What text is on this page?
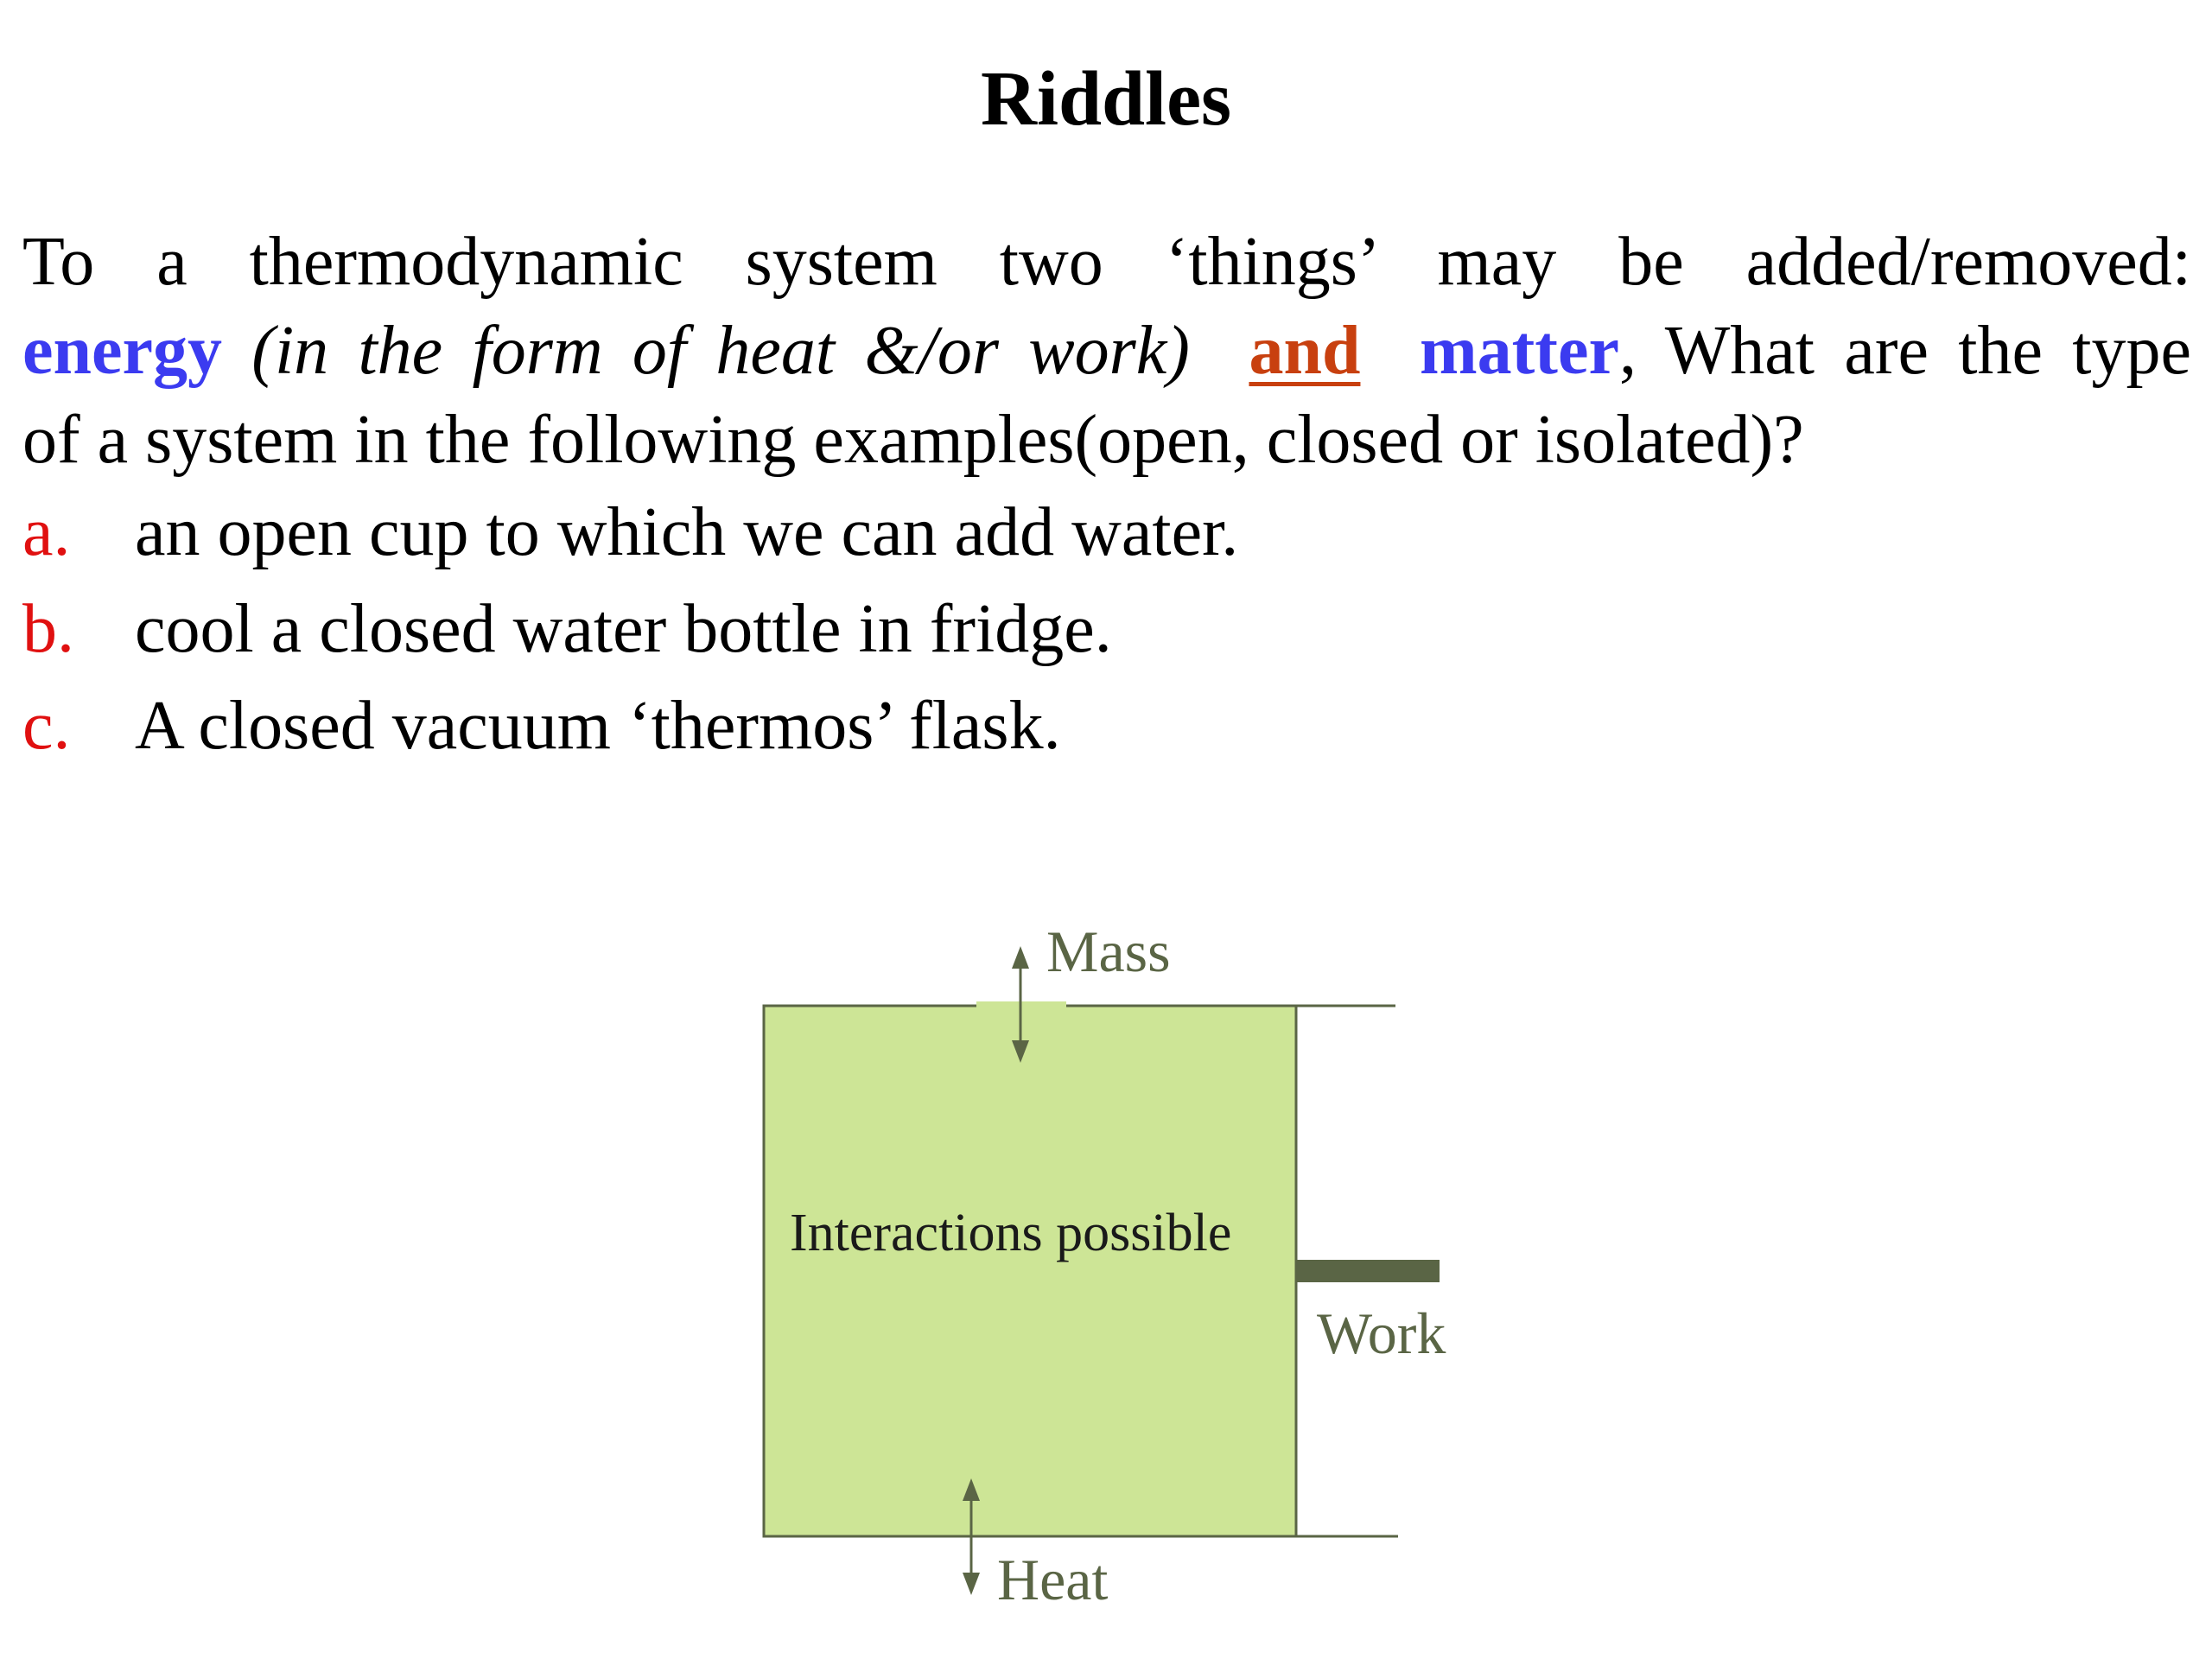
Riddles
To a thermodynamic system two ‘things’ may be added/removed:
energy (in the form of heat &/or work) and matter, What are the type
of a system in the following examples(open, closed or isolated)?
a. an open cup to which we can add water.
b. cool a closed water bottle in fridge.
c. A closed vacuum ‘thermos’ flask.
Mass
Work
Interactions possible
Heat
